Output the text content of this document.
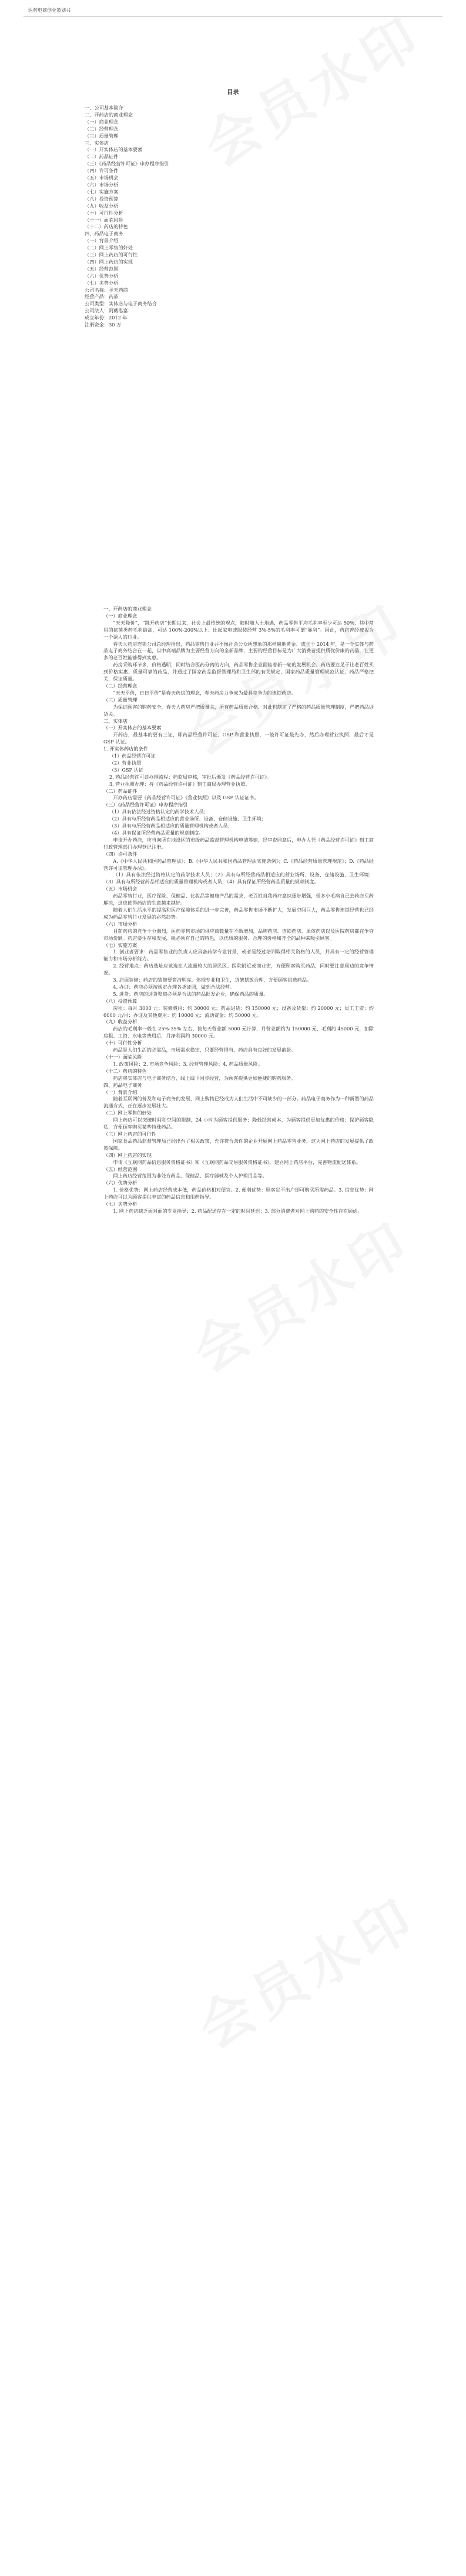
医药电商创业策划书
目录
一、公司基本简介
二、开药店的商业理念
（一）商业理念
（二）经营理念
（三）质量管理
三、实体店
（一）开实体店的基本要素
（二）药品证件
（三）《药品经营许可证》申办程序指引
（四）许可条件
（五）市场机会
（六）市场分析
（七）实施方案
（八）投资预算
（九）收益分析
（十）可行性分析
（十一）面临风险
（十二）药店的特色
四、药品电子商务
（一）背景介绍
（二）网上零售的好处
（三）网上药店的可行性
（四）网上药店的实现
（五）经营范围
（六）优势分析
（七）劣势分析
公司名称：圣天药商
经营产品：药品
公司类型：实体店与电子商务结合
公司法人：阿戴泓富
成立年份：2012 年
注册资金：30 万

一、开药店的商业理念

（一）商业理念

“天天降价”，“跳开药店”长期以来，社会上最传统的观点，随时随人土地遇，药品零售平均毛利率至少可达 50%，其中常用的抗菌类药毛利最高，可达 100%-200%以上；比起家电或服装经营 3%-5%的毛利率可谓“暴利”。因此，药店曾经被视为一个诱人的行业。

春天大药房连锁公司总经理指出，药品零售行业并不像社会公众所想象的那样遍地黄金。成立于 2014 年，是一个实体与药品电子商务结合在一起，以中高端品牌为主要经营方向的全新品牌，主要的经营目标是为广大消费者提供质优价廉的药品，让更多的老百姓能够得到实惠。

药房采购环节多，价格透明，同时结合医药分离的方向，药品零售企业面临着新一轮的发展机会。药店要立足于让老百姓买到价格实惠、质量可靠的药品，并通过了国家药品监督管理局和卫生部的有关规定，国家药品质量管理规范认证，药品严格把关，保证质量。

（二）经营理念

“天天平价，日日平价”是春天药房的理念，春天药房力争成为最具竞争力的连锁药店。

（三）质量管理

为保证顾客的购药安全，春天大药房严把质量关，所有药品质量合格、对此也制定了严格的药品质量管理制度，严把药品进货关。

二、实体店

（一）开实体店的基本要素

开药店，最基本的要有三证，即药品经营许可证、GSP 和营业执照，一般许可证最先办，然后办理营业执照，最后才是 GSP 认证。

1. 开实体药店的条件

（1）药品经营许可证

（2）营业执照

（3）GSP 认证

2. 药品经营许可证办理流程：药监局审核，审批后颁发《药品经营许可证》。

3. 营业执照办理：持《药品经营许可证》到工商局办理营业执照。

（二）药品证件

开办药店需要《药品经营许可证》《营业执照》以及 GSP 认证证书。

（三）《药品经营许可证》申办程序指引

（1）具有依法经过资格认定的药学技术人员；

（2）具有与所经营药品相适应的营业场所、设备、仓储设施、卫生环境；

（3）具有与所经营药品相适应的质量管理机构或者人员；

（4）具有保证所经营药品质量的规章制度。

申请开办药店，应当向所在地设区的市级药品监督管理机构申请筹建，经审查同意后，申办人凭《药品经营许可证》到工商行政管理部门办理登记注册。

（四）许可条件

A.《中华人民共和国药品管理法》；B.《中华人民共和国药品管理法实施条例》；C.《药品经营质量管理规范》；D.《药品经营许可证管理办法》。

（1）具有依法经过资格认定的药学技术人员；（2）具有与所经营药品相适应的营业场所、设备、仓储设施、卫生环境；（3）具有与所经营药品相适应的质量管理机构或者人员；（4）具有保证所经营药品质量的规章制度。

（五）市场机会

药品零售行业，医疗保险、保健品、化妆品等健康产品的需求，老百姓自我药疗意识逐步增强，很多小毛病自己去药店买药解决，这也使得药店的生意越来越好。

随着人们生活水平的提高和医疗保障体系的进一步完善，药品零售市场不断扩大，发展空间巨大，药品零售连锁经营也已经成为药品零售行业发展的必然趋势。

（六）市场分析

目前药店的竞争十分激烈，医药零售市场的供应商数量在不断增加，品牌药店、连锁药店、单体药店以及医院药房都在争夺市场份额。药店要生存和发展，就必须有自己的特色，以优质的服务、合理的价格和齐全的品种来吸引顾客。

（七）实施方案

1. 创业者要求：药品零售业的负责人应具备药学专业背景，或者是经过培训取得相关资格的人员，并具有一定的经营管理能力和市场分析能力。

2. 经营地点：药店选址应该选在人流量较大的居民区、医院附近或商业街，方便顾客购买药品，同时要注意周边的竞争情况。

3. 店面装修：药店的装修要简洁明亮，体现专业和卫生，货架摆放合理，方便顾客挑选药品。

4. 办证：药店必须按规定办理各类证照，做到合法经营。

5. 进货：药店的进货渠道必须是合法的药品批发企业，确保药品的质量。

（八）投资预算

房租：每月 3000 元；装修费用：约 30000 元；药品进货：约 150000 元；设备及货架：约 20000 元；员工工资：约 6000 元/月；办证及其他费用：约 10000 元；流动资金：约 50000 元。

（九）收益分析

药店的毛利率一般在 25%-35% 左右，按每天营业额 5000 元计算，月营业额约为 150000 元，毛利约 45000 元，扣除房租、工资、水电等费用后，月净利润约 30000 元。

（十）可行性分析

药品是人们生活的必需品，市场需求稳定，只要经营得当，药店具有良好的发展前景。

（十一）面临风险

1. 政策风险；2. 市场竞争风险；3. 经营管理风险；4. 药品质量风险。

（十二）药店的特色

药店将实体店与电子商务结合，线上线下同步经营，为顾客提供更加便捷的购药服务。

四、药品电子商务

（一）背景介绍

随着互联网的普及和电子商务的发展，网上购物已经成为人们生活中不可缺少的一部分。药品电子商务作为一种新型的药品流通方式，正在逐步发展壮大。

（二）网上零售的好处

网上药店可以突破时间和空间的限制，24 小时为顾客提供服务；降低经营成本，为顾客提供更加优惠的价格；保护顾客隐私，方便顾客购买某些特殊药品。

（三）网上药店的可行性

国家食品药品监督管理局已经出台了相关政策，允许符合条件的企业开展网上药品零售业务，这为网上药店的发展提供了政策保障。

（四）网上药店的实现

申请《互联网药品信息服务资格证书》和《互联网药品交易服务资格证书》，建立网上药店平台，完善物流配送体系。

（五）经营范围

网上药店经营范围为非处方药品、保健品、医疗器械及个人护理用品等。

（六）优势分析

1. 价格优势：网上药店经营成本低，药品价格相对便宜。2. 便利优势：顾客足不出户即可购买所需药品。3. 信息优势：网上药店可以为顾客提供丰富的药品信息和用药指导。

（七）劣势分析

1. 网上药店缺乏面对面的专业指导；2. 药品配送存在一定的时间延迟；3. 部分消费者对网上购药的安全性存在顾虑。
